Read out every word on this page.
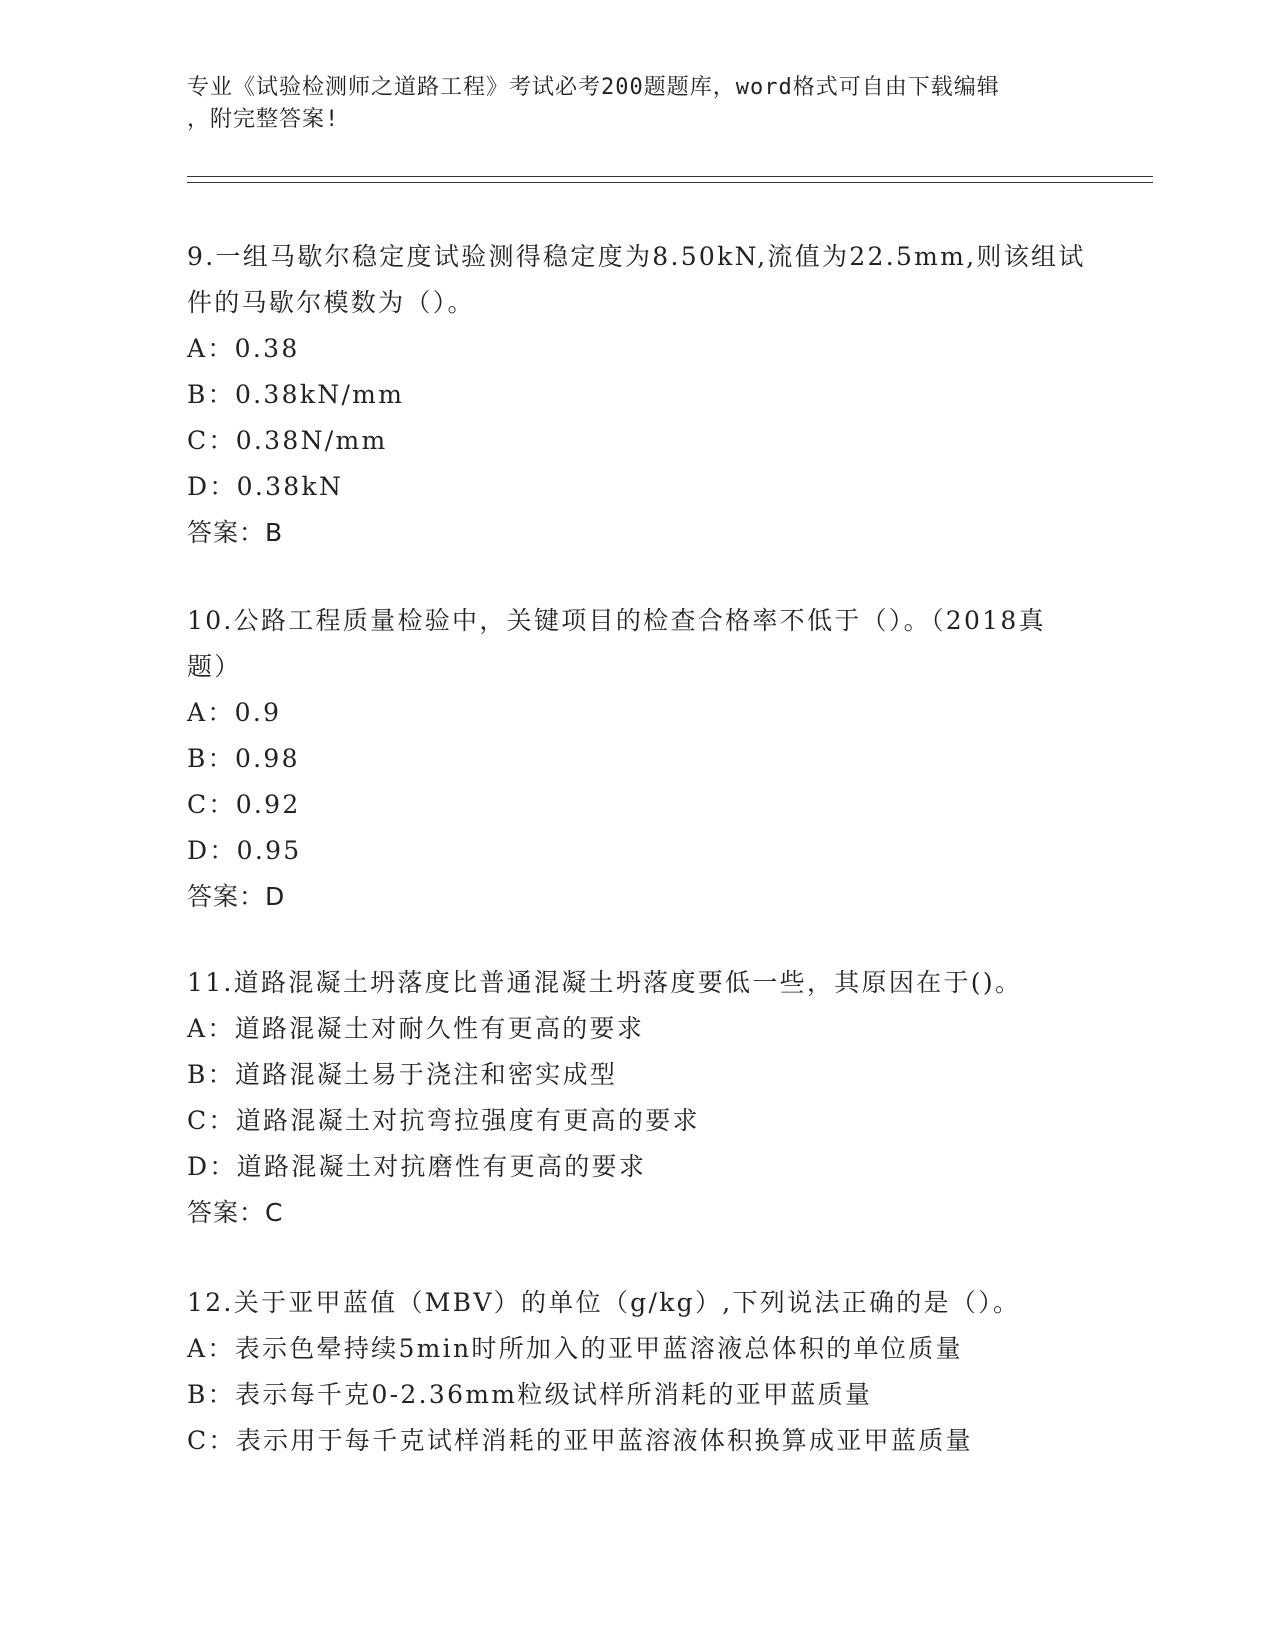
专业《试验检测师之道路工程》考试必考200题题库，word格式可自由下载编辑
，附完整答案!

9.一组马歇尔稳定度试验测得稳定度为8.50kN,流值为22.5mm,则该组试件的马歇尔模数为（）。

A：0.38

B：0.38kN/mm

C：0.38N/mm

D：0.38kN

答案：B

10.公路工程质量检验中，关键项目的检查合格率不低于（）。（2018真题）

A：0.9

B：0.98

C：0.92

D：0.95

答案：D

11.道路混凝土坍落度比普通混凝土坍落度要低一些，其原因在于()。

A：道路混凝土对耐久性有更高的要求

B：道路混凝土易于浇注和密实成型

C：道路混凝土对抗弯拉强度有更高的要求

D：道路混凝土对抗磨性有更高的要求

答案：C

12.关于亚甲蓝值（MBV）的单位（g/kg）,下列说法正确的是（）。

A：表示色晕持续5min时所加入的亚甲蓝溶液总体积的单位质量

B：表示每千克0-2.36mm粒级试样所消耗的亚甲蓝质量

C：表示用于每千克试样消耗的亚甲蓝溶液体积换算成亚甲蓝质量
